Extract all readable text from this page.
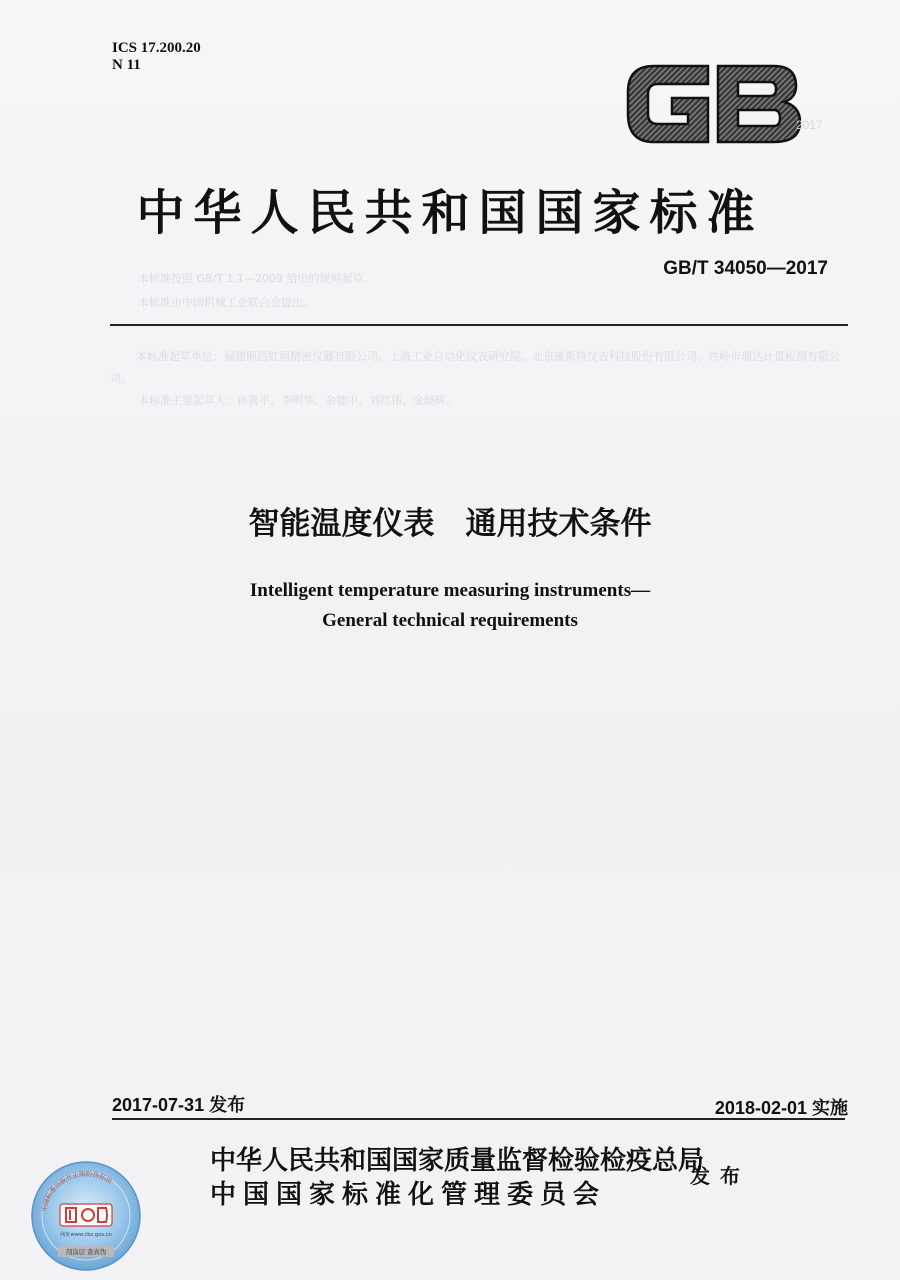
ICS 17.200.20
N 11
2017
中华人民共和国国家标准
GB/T 34050—2017
本标准按照 GB/T 1.1—2009 给出的规则起草。
本标准由中国机械工业联合会提出。
本标准起草单位：福建顺昌虹润精密仪器有限公司、上海工业自动化仪表研究院、北京康斯特仪表科技股份有限公司、铁岭市瑞达计量检测有限公司。
本标准主要起草人：孙善平、李明华、余德中、刘红伟、金晓辉。
智能温度仪表　通用技术条件
Intelligent temperature measuring instruments—
General technical requirements
2017-07-31 发布	2018-02-01 实施
中华人民共和国国家质量监督检验检疫总局
中国国家标准化管理委员会
发布
中国标准出版社正版防伪标识
网址www.cbs.gov.cn
刮涂层 查真伪
